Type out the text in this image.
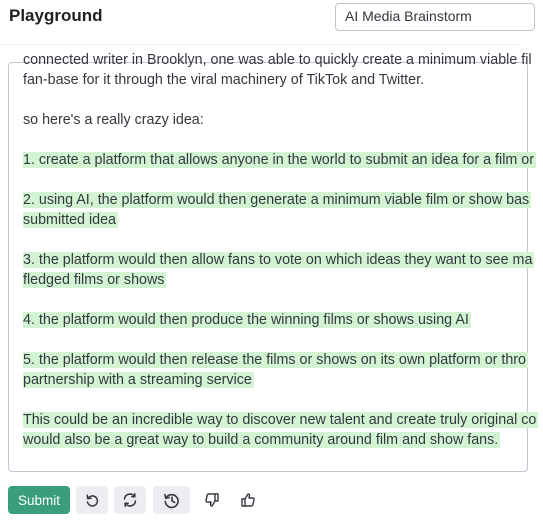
Playground	AI Media Brainstorm
connected writer in Brooklyn, one was able to quickly create a minimum viable fil
fan-base for it through the viral machinery of TikTok and Twitter.
so here's a really crazy idea:
1. create a platform that allows anyone in the world to submit an idea for a film or
2. using AI, the platform would then generate a minimum viable film or show bas
submitted idea
3. the platform would then allow fans to vote on which ideas they want to see ma
fledged films or shows
4. the platform would then produce the winning films or shows using AI
5. the platform would then release the films or shows on its own platform or thro
partnership with a streaming service
This could be an incredible way to discover new talent and create truly original co
would also be a great way to build a community around film and show fans.
Submit
